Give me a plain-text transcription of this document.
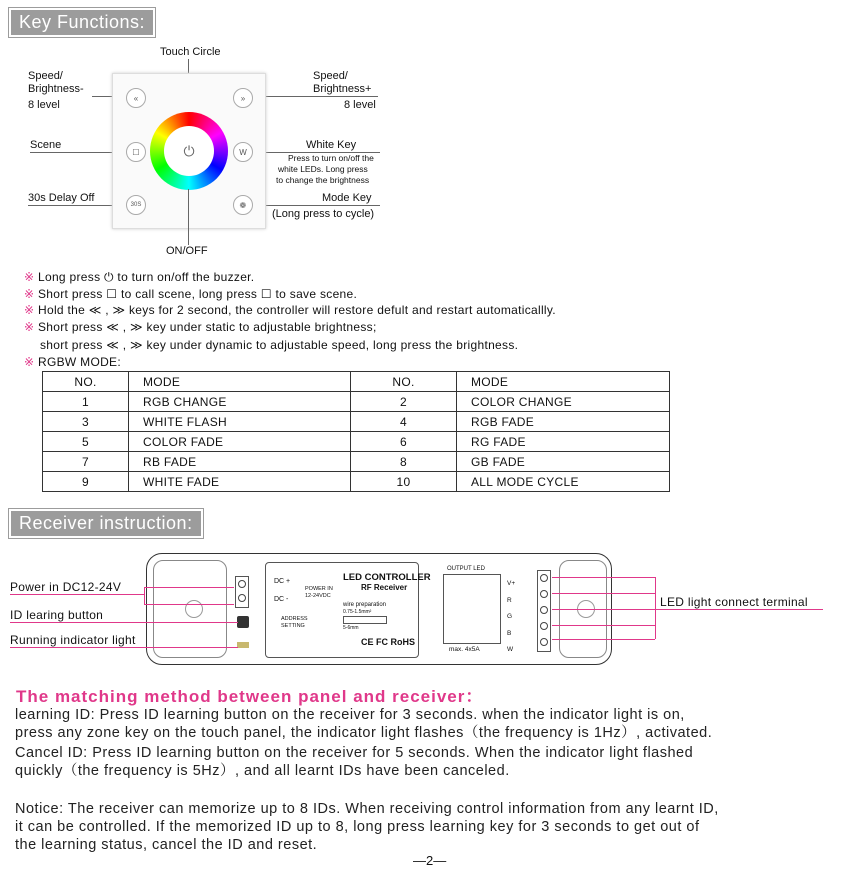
Key Functions:
Touch Circle
Speed/
Brightness-
8 level
Speed/
Brightness+
8 level
Scene	White Key
Press to turn on/off the
white LEDs. Long press
to change the brightness
30s Delay Off	Mode Key
(Long press to cycle)
ON/OFF
«	»
☐	W
30S	❁
⏻
※ Long press ⏻ to turn on/off the buzzer.
※ Short press ☐ to call scene, long press ☐ to save scene.
※ Hold the ≪ , ≫ keys for 2 second, the controller will restore defult and restart automaticallly.
※ Short press ≪ , ≫ key under static to adjustable brightness;
short press ≪ , ≫ key under dynamic to adjustable speed, long press the brightness.
※ RGBW MODE:
NO.	MODE	NO.	MODE
1	RGB CHANGE	2	COLOR CHANGE
3	WHITE FLASH	4	RGB FADE
5	COLOR FADE	6	RG FADE
7	RB FADE	8	GB FADE
9	WHITE FADE	10	ALL MODE CYCLE
Receiver instruction:
LED CONTROLLER
RF Receiver
DC +
DC -
POWER IN
12-24VDC
ADDRESS
SETTING
wire preparation
0.75-1.5mm²
5-6mm
CE FC RoHS
OUTPUT LED
max. 4x5A
V+
R
G
B
W
Power in DC12-24V
ID learing button
Running indicator light
LED light connect terminal
The matching method between panel and receiver：
learning ID: Press ID learning button on the receiver for 3 seconds. when the indicator light is on,
press any zone key on the touch panel, the indicator light flashes（the frequency is 1Hz）, activated.
Cancel ID: Press ID learning button on the receiver for 5 seconds. When the indicator light flashed
quickly（the frequency is 5Hz）, and all learnt IDs have been canceled.
Notice: The receiver can memorize up to 8 IDs. When receiving control information from any learnt ID,
it can be controlled. If the memorized ID up to 8, long press learning key for 3 seconds to get out of
the learning status, cancel the ID and reset.
—2—
